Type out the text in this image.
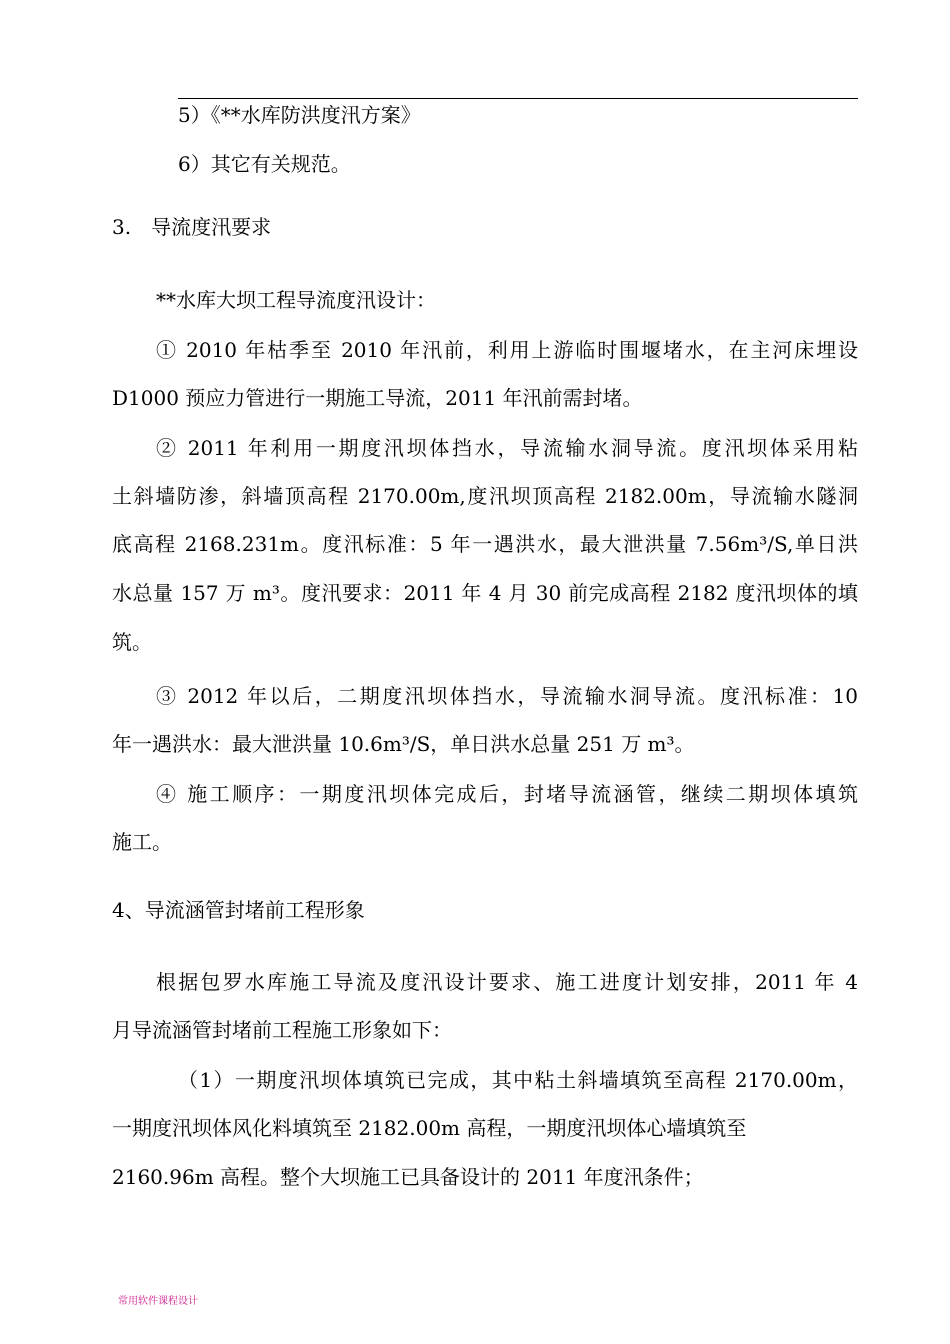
5）《**水库防洪度汛方案》
6）其它有关规范。
3.　导流度汛要求
**水库大坝工程导流度汛设计：
① 2010 年枯季至 2010 年汛前，利用上游临时围堰堵水，在主河床埋设
D1000 预应力管进行一期施工导流，2011 年汛前需封堵。
② 2011 年利用一期度汛坝体挡水，导流输水洞导流。度汛坝体采用粘
土斜墙防渗，斜墙顶高程 2170.00m,度汛坝顶高程 2182.00m，导流输水隧洞
底高程 2168.231m。度汛标准：5 年一遇洪水，最大泄洪量 7.56m³/S,单日洪
水总量 157 万 m³。度汛要求：2011 年 4 月 30 前完成高程 2182 度汛坝体的填
筑。
③ 2012 年以后，二期度汛坝体挡水，导流输水洞导流。度汛标准：10
年一遇洪水：最大泄洪量 10.6m³/S，单日洪水总量 251 万 m³。
④ 施工顺序：一期度汛坝体完成后，封堵导流涵管，继续二期坝体填筑
施工。
4、导流涵管封堵前工程形象
根据包罗水库施工导流及度汛设计要求、施工进度计划安排，2011 年 4
月导流涵管封堵前工程施工形象如下：
（1）一期度汛坝体填筑已完成，其中粘土斜墙填筑至高程 2170.00m，
一期度汛坝体风化料填筑至 2182.00m 高程，一期度汛坝体心墙填筑至
2160.96m 高程。整个大坝施工已具备设计的 2011 年度汛条件；
常用软件课程设计
